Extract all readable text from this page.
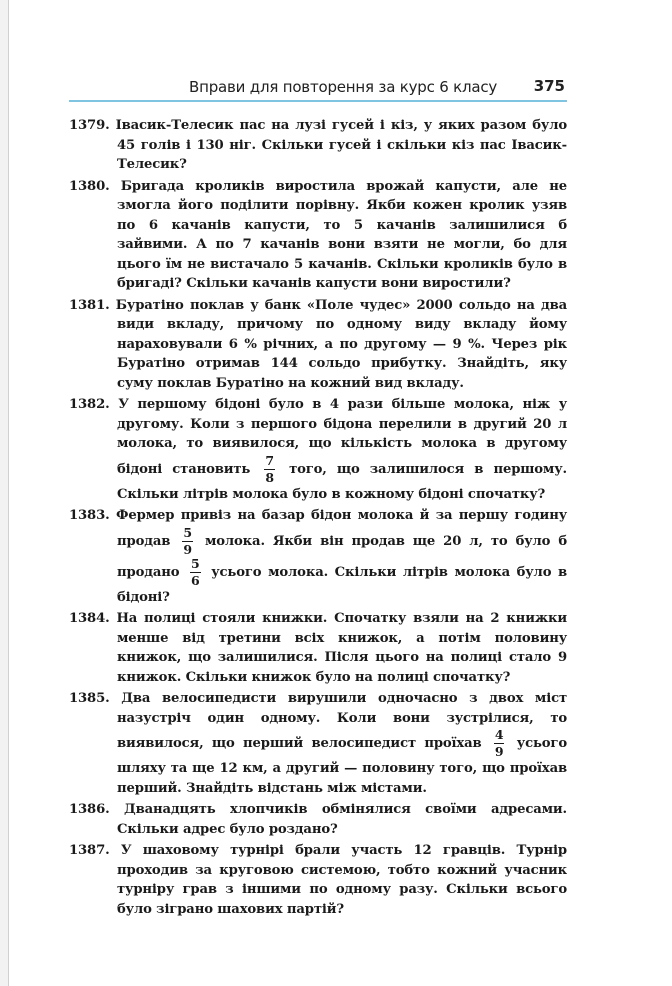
Вправи для повторення за курс 6 класу 375

1379. Івасик-Телесик пас на лузі гусей і кіз, у яких разом було 45 голів і 130 ніг. Скільки гусей і скільки кіз пас Івасик-Телесик?

1380. Бригада кроликів виростила врожай капусти, але не змогла його поділити порівну. Якби кожен кролик узяв по 6 качанів капусти, то 5 качанів залишилися б зайвими. А по 7 качанів вони взяти не могли, бо для цього їм не вистачало 5 качанів. Скільки кроликів було в бригаді? Скільки качанів капусти вони виростили?

1381. Буратіно поклав у банк «Поле чудес» 2000 сольдо на два види вкладу, причому по одному виду вкладу йому нараховували 6 % річних, а по другому — 9 %. Через рік Буратіно отримав 144 сольдо прибутку. Знайдіть, яку суму поклав Буратіно на кожний вид вкладу.

1382. У першому бідоні було в 4 рази більше молока, ніж у другому. Коли з першого бідона перелили в другий 20 л молока, то виявилося, що кількість молока в другому бідоні становить $\frac{7}{8}$ того, що залишилося в першому. Скільки літрів молока було в кожному бідоні спочатку?

1383. Фермер привіз на базар бідон молока й за першу годину продав $\frac{5}{9}$ молока. Якби він продав ще 20 л, то було б продано $\frac{5}{6}$ усього молока. Скільки літрів молока було в бідоні?

1384. На полиці стояли книжки. Спочатку взяли на 2 книжки менше від третини всіх книжок, а потім половину книжок, що залишилися. Після цього на полиці стало 9 книжок. Скільки книжок було на полиці спочатку?

1385. Два велосипедисти вирушили одночасно з двох міст назустріч один одному. Коли вони зустрілися, то виявилося, що перший велосипедист проїхав $\frac{4}{9}$ усього шляху та ще 12 км, а другий — половину того, що проїхав перший. Знайдіть відстань між містами.

1386. Дванадцять хлопчиків обмінялися своїми адресами. Скільки адрес було роздано?

1387. У шаховому турнірі брали участь 12 гравців. Турнір проходив за круговою системою, тобто кожний учасник турніру грав з іншими по одному разу. Скільки всього було зіграно шахових партій?
